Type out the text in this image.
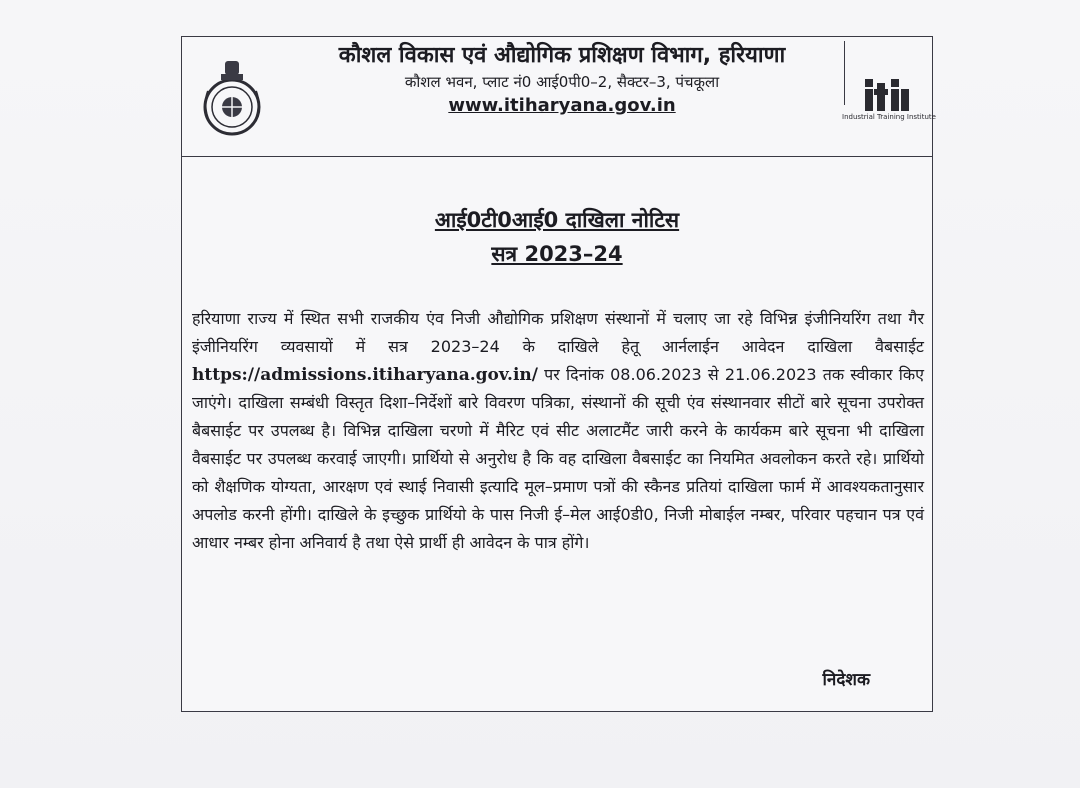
कौशल विकास एवं औद्योगिक प्रशिक्षण विभाग, हरियाणा
कौशल भवन, प्लाट नं0 आई0पी0–2, सैक्टर–3, पंचकूला
www.itiharyana.gov.in
Industrial Training Institute
आई0टी0आई0 दाखिला नोटिस
सत्र 2023–24
हरियाणा राज्य में स्थित सभी राजकीय एंव निजी औद्योगिक प्रशिक्षण संस्थानों में चलाए जा रहे विभिन्न इंजीनियरिंग तथा गैर इंजीनियरिंग व्यवसायों में सत्र 2023–24 के दाखिले हेतू आर्नलाईन आवेदन दाखिला वैबसाईट https://admissions.itiharyana.gov.in/ पर दिनांक 08.06.2023 से 21.06.2023 तक स्वीकार किए जाएंगे। दाखिला सम्बंधी विस्तृत दिशा–निर्देशों बारे विवरण पत्रिका, संस्थानों की सूची एंव संस्थानवार सीटों बारे सूचना उपरोक्त बैबसाईट पर उपलब्ध है। विभिन्न दाखिला चरणो में मैरिट एवं सीट अलाटमैंट जारी करने के कार्यकम बारे सूचना भी दाखिला वैबसाईट पर उपलब्ध करवाई जाएगी। प्रार्थियो से अनुरोध है कि वह दाखिला वैबसाईट का नियमित अवलोकन करते रहे। प्रार्थियो को शैक्षणिक योग्यता, आरक्षण एवं स्थाई निवासी इत्यादि मूल–प्रमाण पत्रों की स्कैनड प्रतियां दाखिला फार्म में आवश्यकतानुसार अपलोड करनी होंगी। दाखिले के इच्छुक प्रार्थियो के पास निजी ई–मेल आई0डी0, निजी मोबाईल नम्बर, परिवार पहचान पत्र एवं आधार नम्बर होना अनिवार्य है तथा ऐसे प्रार्थी ही आवेदन के पात्र होंगे।
निदेशक
